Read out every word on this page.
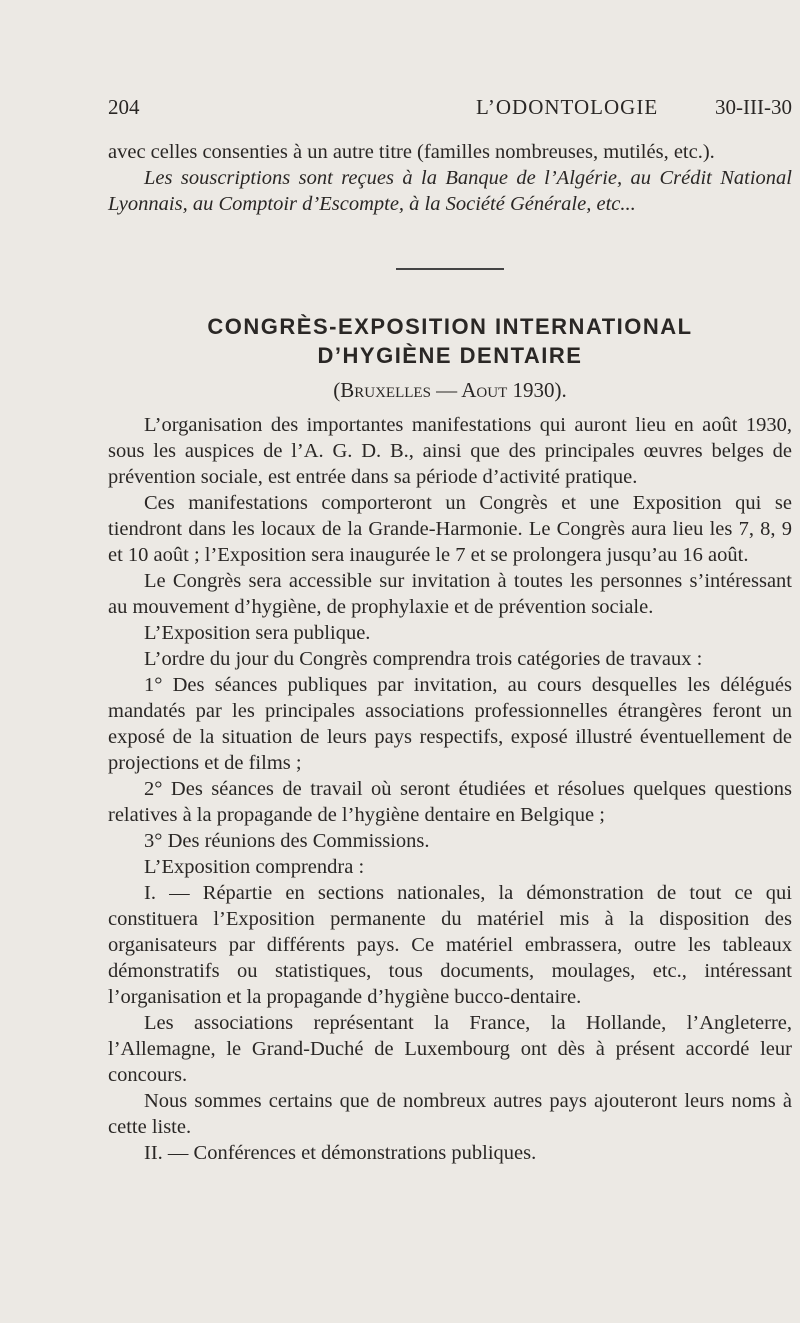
204	L’ODONTOLOGIE	30-III-30

avec celles consenties à un autre titre (familles nombreuses, mutilés, etc.).

Les souscriptions sont reçues à la Banque de l’Algérie, au Crédit National Lyonnais, au Comptoir d’Escompte, à la Société Générale, etc...

CONGRÈS-EXPOSITION INTERNATIONAL
D’HYGIÈNE DENTAIRE
(Bruxelles — Aout 1930).

L’organisation des importantes manifestations qui auront lieu en août 1930, sous les auspices de l’A. G. D. B., ainsi que des principales œuvres belges de prévention sociale, est entrée dans sa période d’activité pratique.

Ces manifestations comporteront un Congrès et une Exposition qui se tiendront dans les locaux de la Grande-Harmonie. Le Congrès aura lieu les 7, 8, 9 et 10 août ; l’Exposition sera inaugurée le 7 et se prolongera jusqu’au 16 août.

Le Congrès sera accessible sur invitation à toutes les personnes s’intéressant au mouvement d’hygiène, de prophylaxie et de prévention sociale.

L’Exposition sera publique.

L’ordre du jour du Congrès comprendra trois catégories de travaux :

1° Des séances publiques par invitation, au cours desquelles les délégués mandatés par les principales associations professionnelles étrangères feront un exposé de la situation de leurs pays respectifs, exposé illustré éventuellement de projections et de films ;

2° Des séances de travail où seront étudiées et résolues quelques questions relatives à la propagande de l’hygiène dentaire en Belgique ;

3° Des réunions des Commissions.

L’Exposition comprendra :

I. — Répartie en sections nationales, la démonstration de tout ce qui constituera l’Exposition permanente du matériel mis à la disposition des organisateurs par différents pays. Ce matériel embrassera, outre les tableaux démonstratifs ou statistiques, tous documents, moulages, etc., intéressant l’organisation et la propagande d’hygiène bucco-dentaire.

Les associations représentant la France, la Hollande, l’Angleterre, l’Allemagne, le Grand-Duché de Luxembourg ont dès à présent accordé leur concours.

Nous sommes certains que de nombreux autres pays ajouteront leurs noms à cette liste.

II. — Conférences et démonstrations publiques.
